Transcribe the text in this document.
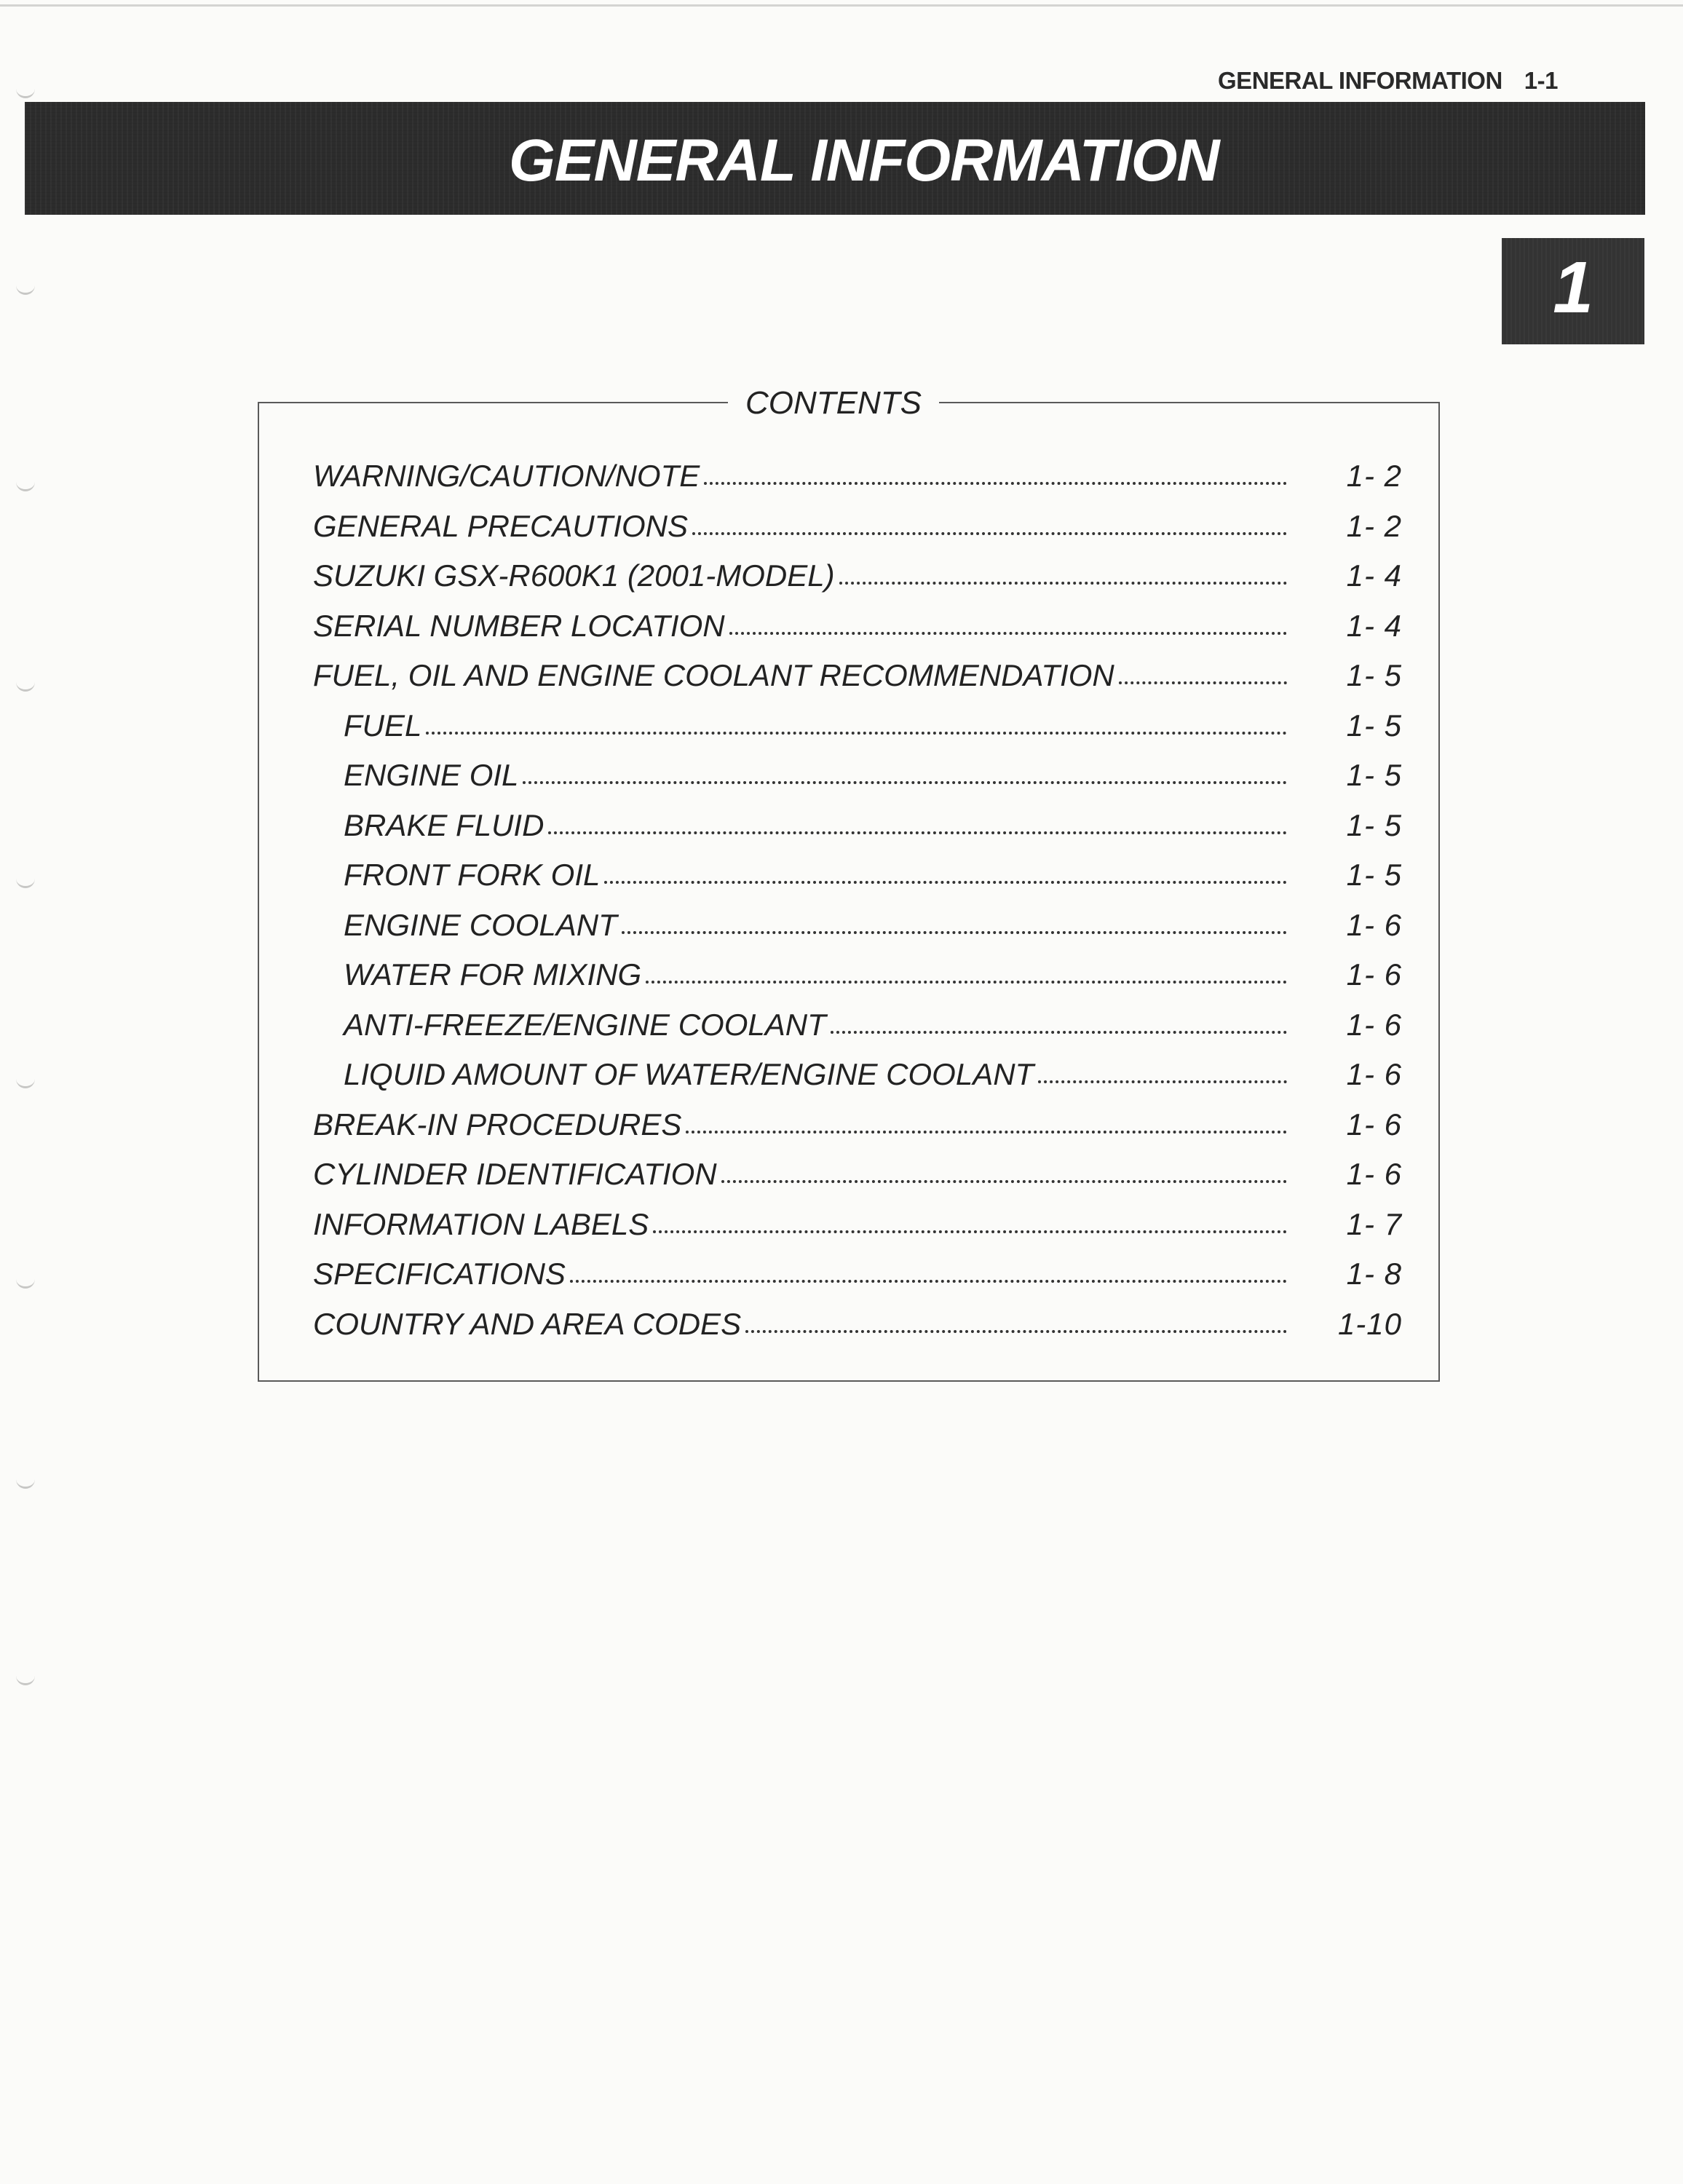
GENERAL INFORMATION 1-1
GENERAL INFORMATION
1
CONTENTS
WARNING/CAUTION/NOTE	1- 2
GENERAL PRECAUTIONS	1- 2
SUZUKI GSX-R600K1 (2001-MODEL)	1- 4
SERIAL NUMBER LOCATION	1- 4
FUEL, OIL AND ENGINE COOLANT RECOMMENDATION	1- 5
FUEL	1- 5
ENGINE OIL	1- 5
BRAKE FLUID	1- 5
FRONT FORK OIL	1- 5
ENGINE COOLANT	1- 6
WATER FOR MIXING	1- 6
ANTI-FREEZE/ENGINE COOLANT	1- 6
LIQUID AMOUNT OF WATER/ENGINE COOLANT	1- 6
BREAK-IN PROCEDURES	1- 6
CYLINDER IDENTIFICATION	1- 6
INFORMATION LABELS	1- 7
SPECIFICATIONS	1- 8
COUNTRY AND AREA CODES	1-10
